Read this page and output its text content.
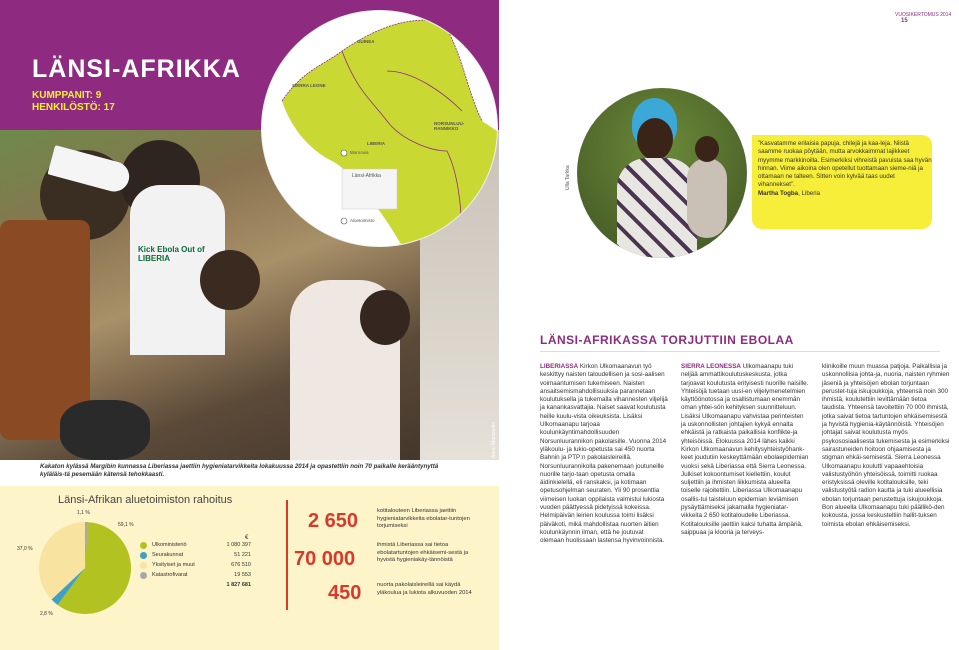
LÄNSI-AFRIKKA
KUMPPANIT: 9
HENKILÖSTÖ: 17
Kick Ebola Out of LIBERIA
Annu Monicertio
GUINEA
SIERRA LEONE
LIBERIA
NORSUNLUU-RANNIKKO
Monrovia
Länsi-Afrikka
Aluetoimisto
Kakaton kylässä Margibin kunnassa Liberiassa jaettiin hygieniatarvikkeita lokakuussa 2014 ja opastettiin noin 70 paikalle kerääntynyttä kyläläis-tä pesemään kätensä tehokkaasti.
Länsi-Afrikan aluetoimiston rahoitus
59,1 %
37,0 %
2,8 %
1,1 %
€
Ulkoministeriö
Seurakunnat
Yksityiset ja muut
Katastrofivarat
1 080 397
51 221
676 510
19 553
1 827 681
2 650	kotitalouteen Liberiassa jaettiin hygieniatarvikkeita ebolatar-tuntojen torjumiseksi
70 000
ihmistä Liberiassa sai tietoa ebolatartuntojen ehkäisemi-sestä ja hyvistä hygieniakäy-tännöistä
450	nuorta pakolaisleireillä sai käydä yläkoulua ja lukiota alkuvuoden 2014
VUOSIKERTOMUS 2014 15
Ulla Tarkka
”Kasvatamme erilaisia papuja, chilejä ja kaa-leja. Niistä saamme ruokaa pöytään, mutta arvokkaimmat lajikkeet myymme markkinoilla. Esimerkiksi vihreistä pavuista saa hyvän hinnan. Viime aikoina olen opetellut tuottamaan sieme-niä ja ottamaan ne talteen. Sitten voin kylvää taas uudet vihannekset”.
Martha Togba, Liberia
LÄNSI-AFRIKASSA TORJUTTIIN EBOLAA
LIBERIASSA Kirkon Ulkomaanavun työ keskittyy naisten taloudellisen ja sosi-aalisen voimaantumisen tukemiseen. Naisten ansaitsemismahdollisuuksia parannetaan koulutuksella ja tukemalla vihannesten viljelijä ja kanankasvattajia. Naiset saavat koulutusta heille kuulu-vista oikeuksista. Lisäksi Ulkomaanapu tarjoaa koulunkäyntimahdollisuuden Norsunluurannikon pakolaisille. Vuonna 2014 yläkoulu- ja lukio-opetusta sai 450 nuorta Bahnin ja PTP:n pakolaisleireillä. Norsunluurannikolla pakenemaan joutuneille nuorille tarjo-taan opetusta omalla äidinkielellä, eli ranskaksi, ja kotimaan opetusohjelman seuraten. Yli 90 prosenttia viimeisen luokan oppilaista valmistui lukiosta vuoden päättyessä pidetyissä kokeissa. Helmipäivän leirien koulussa toimi lisäksi päiväkoti, mikä mahdollistaa nuorten äitien koulunkäynnin ilman, että he joutuvat olemaan huolissaan lastensa hyvinvoinnista.
SIERRA LEONESSA Ulkomaanapu tuki neljää ammattikoulutuskeskusta, jotka tarjoavat koulutusta erityisesti nuorille naisille. Yhteisöjä tuetaan uusi-en viljelymenetelmien käyttöönotossa ja osallistumaan enemmän oman yhtei-sön kehityksen suunnitteluun. Lisäksi Ulkomaanapu vahvistaa perinteisten ja uskonnollisten johtajien kykyä ennalta ehkäistä ja ratkaista paikallisia konflikte-ja yhteisöissä. Elokuussa 2014 lähes kaikki Kirkon Ulkomaanavun kehitysyhteistyöhank-keet joudutiin keskeyttämään ebolaepidemian vuoksi sekä Liberiassa että Sierra Leonessa. Julkiset kokoontumiset kiellettiin, koulut suljettiin ja ihmisten liikkumista alueelta toiselle rajoitettiin. Liberiassa Ulkomaanapu osallis-tui taisteluun epidemian leviämisen pysäyttämiseksi jakamalla hygieniatar-vikkeita 2 650 kotitaloudelle Liberiassa. Kotitalouksille jaettiin kaksi tuhatta ämpäriä, saippuaa ja klooria ja terveys-
klinikoille muun muassa patjoja. Paikallisia ja uskonnollisia johta-ja, nuoria, naisten ryhmien jäseniä ja yhteisöjen ebolan torjuntaan perustet-tuja iskujoukkoja, yhteensä noin 300 ihmistä, koulutettiin levittämään tietoa taudista. Yhteensä tavoitettiin 70 000 ihmistä, jotka saivat tietoa tartuntojen ehkäisemisestä ja hyvistä hygienia-käytännöistä. Yhteisöjen johtajat saivat koulutusta myös psykososiaalisesta tukemisesta ja esimerkiksi sairastuneiden hoitoon ohjaamisesta ja stigman ehkäi-semisestä. Sierra Leonessa Ulkomaanapu koulutti vapaaehtoisia valistustyöhön yhteisöissä, toimitti ruokaa eristyksissä oleville kotitalouksille, teki valistustyötä radion kautta ja tuki alueellisia ebolan torjuntaan perustettuja iskujoukkoja. Bon alueella Ulkomaanapu tuki päällikö-den kokousta, jossa keskusteltiin hallit-tuksen toimista ebolan ehkäisemiseksi.
